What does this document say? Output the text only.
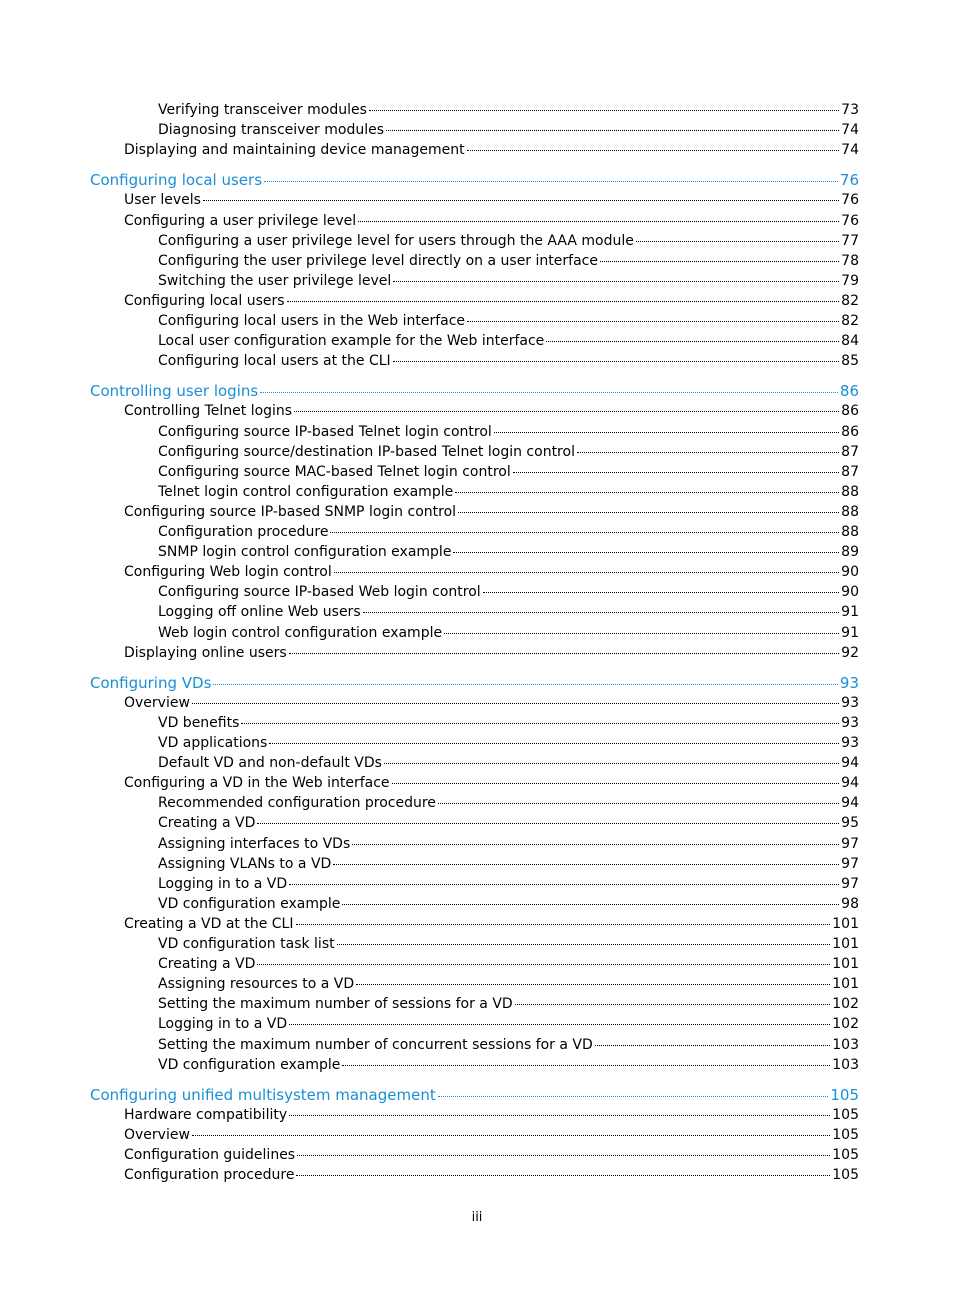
Verifying transceiver modules	73
Diagnosing transceiver modules	74
Displaying and maintaining device management	74
Configuring local users	76
User levels	76
Configuring a user privilege level	76
Configuring a user privilege level for users through the AAA module	77
Configuring the user privilege level directly on a user interface	78
Switching the user privilege level	79
Configuring local users	82
Configuring local users in the Web interface	82
Local user configuration example for the Web interface	84
Configuring local users at the CLI	85
Controlling user logins	86
Controlling Telnet logins	86
Configuring source IP-based Telnet login control	86
Configuring source/destination IP-based Telnet login control	87
Configuring source MAC-based Telnet login control	87
Telnet login control configuration example	88
Configuring source IP-based SNMP login control	88
Configuration procedure	88
SNMP login control configuration example	89
Configuring Web login control	90
Configuring source IP-based Web login control	90
Logging off online Web users	91
Web login control configuration example	91
Displaying online users	92
Configuring VDs	93
Overview	93
VD benefits	93
VD applications	93
Default VD and non-default VDs	94
Configuring a VD in the Web interface	94
Recommended configuration procedure	94
Creating a VD	95
Assigning interfaces to VDs	97
Assigning VLANs to a VD	97
Logging in to a VD	97
VD configuration example	98
Creating a VD at the CLI	101
VD configuration task list	101
Creating a VD	101
Assigning resources to a VD	101
Setting the maximum number of sessions for a VD	102
Logging in to a VD	102
Setting the maximum number of concurrent sessions for a VD	103
VD configuration example	103
Configuring unified multisystem management	105
Hardware compatibility	105
Overview	105
Configuration guidelines	105
Configuration procedure	105
iii
